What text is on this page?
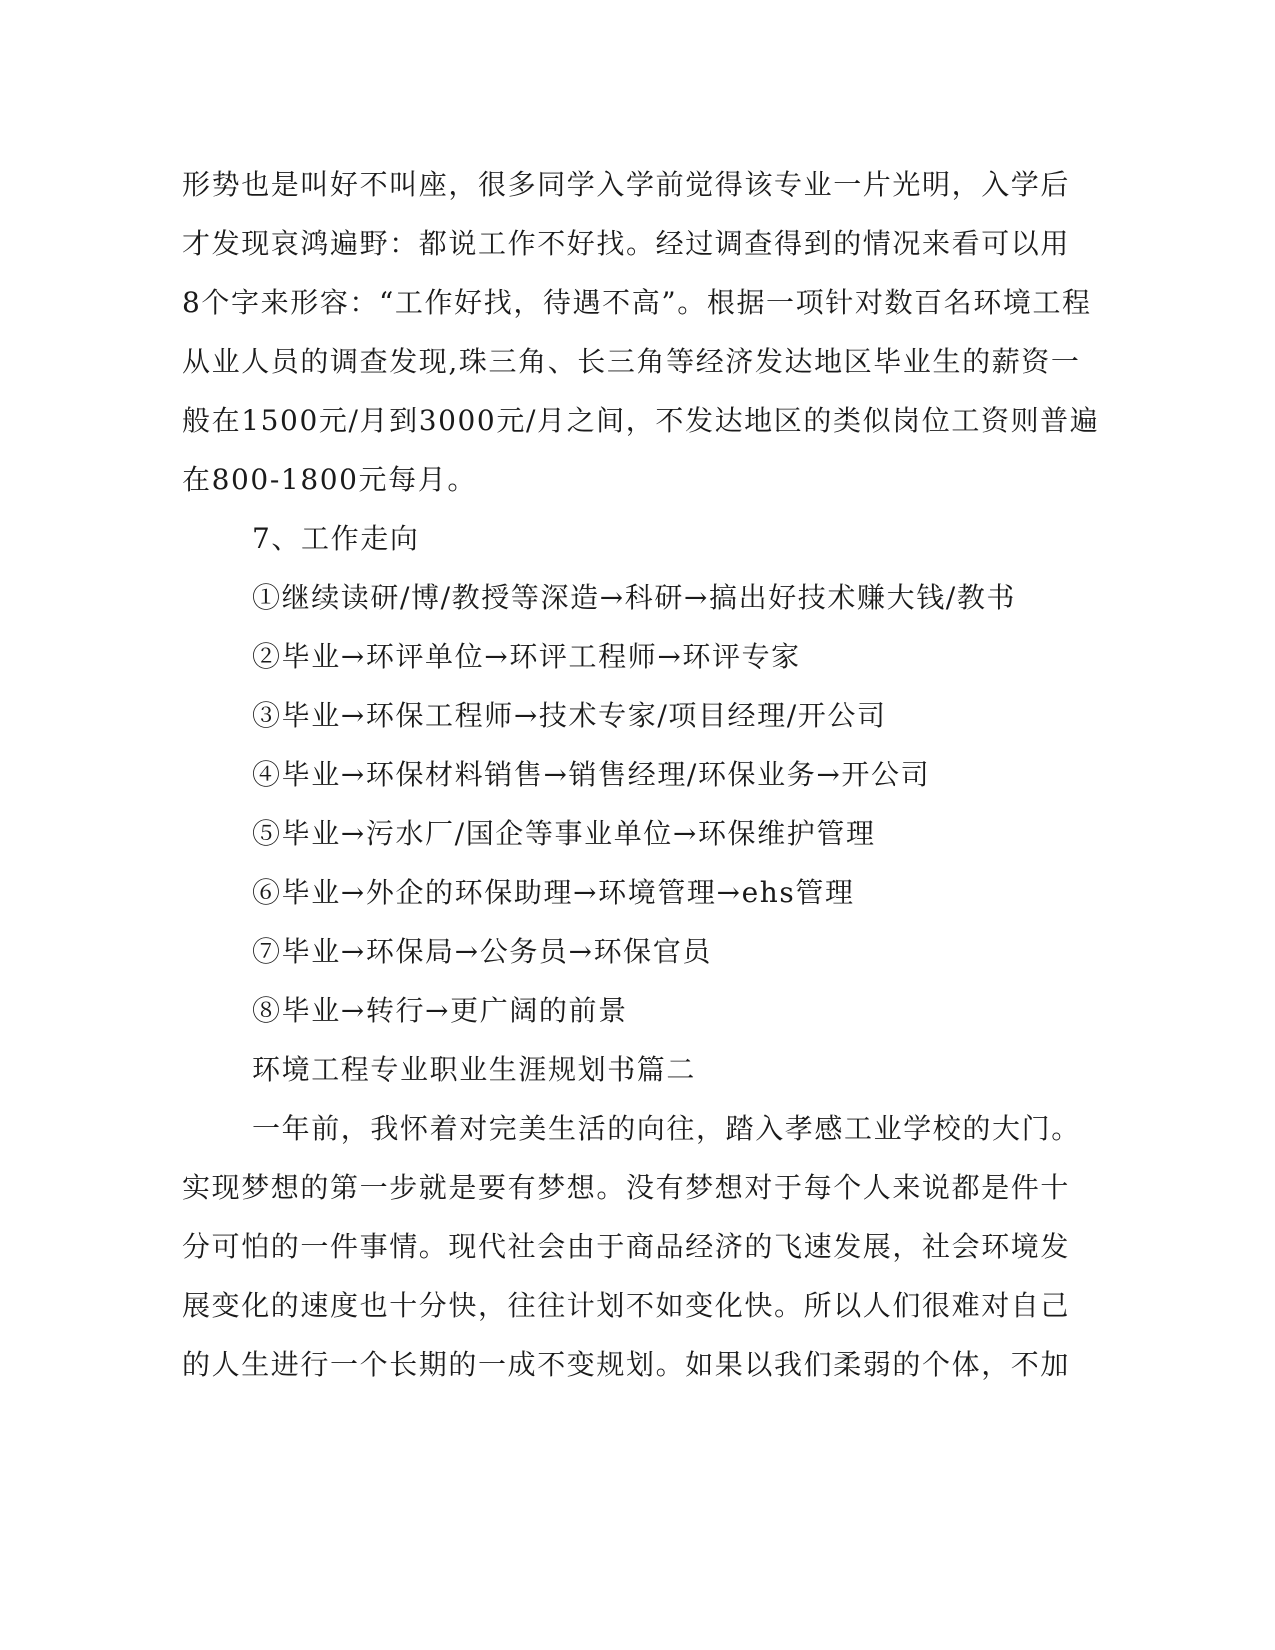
形势也是叫好不叫座，很多同学入学前觉得该专业一片光明，入学后
才发现哀鸿遍野：都说工作不好找。经过调查得到的情况来看可以用
8个字来形容：“工作好找，待遇不高”。根据一项针对数百名环境工程
从业人员的调查发现,珠三角、长三角等经济发达地区毕业生的薪资一
般在1500元/月到3000元/月之间，不发达地区的类似岗位工资则普遍
在800-1800元每月。
7、工作走向
①继续读研/博/教授等深造→科研→搞出好技术赚大钱/教书
②毕业→环评单位→环评工程师→环评专家
③毕业→环保工程师→技术专家/项目经理/开公司
④毕业→环保材料销售→销售经理/环保业务→开公司
⑤毕业→污水厂/国企等事业单位→环保维护管理
⑥毕业→外企的环保助理→环境管理→ehs管理
⑦毕业→环保局→公务员→环保官员
⑧毕业→转行→更广阔的前景
环境工程专业职业生涯规划书篇二
一年前，我怀着对完美生活的向往，踏入孝感工业学校的大门。
实现梦想的第一步就是要有梦想。没有梦想对于每个人来说都是件十
分可怕的一件事情。现代社会由于商品经济的飞速发展，社会环境发
展变化的速度也十分快，往往计划不如变化快。所以人们很难对自己
的人生进行一个长期的一成不变规划。如果以我们柔弱的个体，不加
